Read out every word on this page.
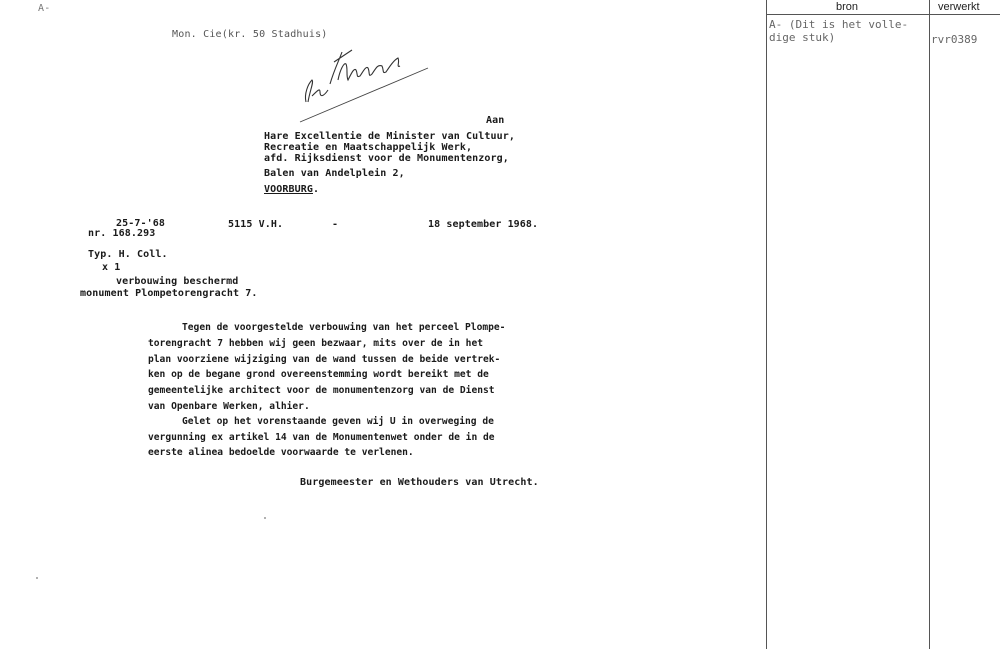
A-
Mon. Cie(kr. 50 Stadhuis)
Aan
Hare Excellentie de Minister van Cultuur,
Recreatie en Maatschappelijk Werk,
afd. Rijksdienst voor de Monumentenzorg,
Balen van Andelplein 2,
VOORBURG.
25-7-'68
nr. 168.293
5115 V.H.	-	18 september 1968.
Typ. H. Coll.
x 1
verbouwing beschermd
monument Plompetorengracht 7.
Tegen de voorgestelde verbouwing van het perceel Plompe-
torengracht 7 hebben wij geen bezwaar, mits over de in het
plan voorziene wijziging van de wand tussen de beide vertrek-
ken op de begane grond overeenstemming wordt bereikt met de
gemeentelijke architect voor de monumentenzorg van de Dienst
van Openbare Werken, alhier.
Gelet op het vorenstaande geven wij U in overweging de
vergunning ex artikel 14 van de Monumentenwet onder de in de
eerste alinea bedoelde voorwaarde te verlenen.
Burgemeester en Wethouders van Utrecht.
bron	verwerkt
A- (Dit is het volle-
dige stuk)	rvr0389
